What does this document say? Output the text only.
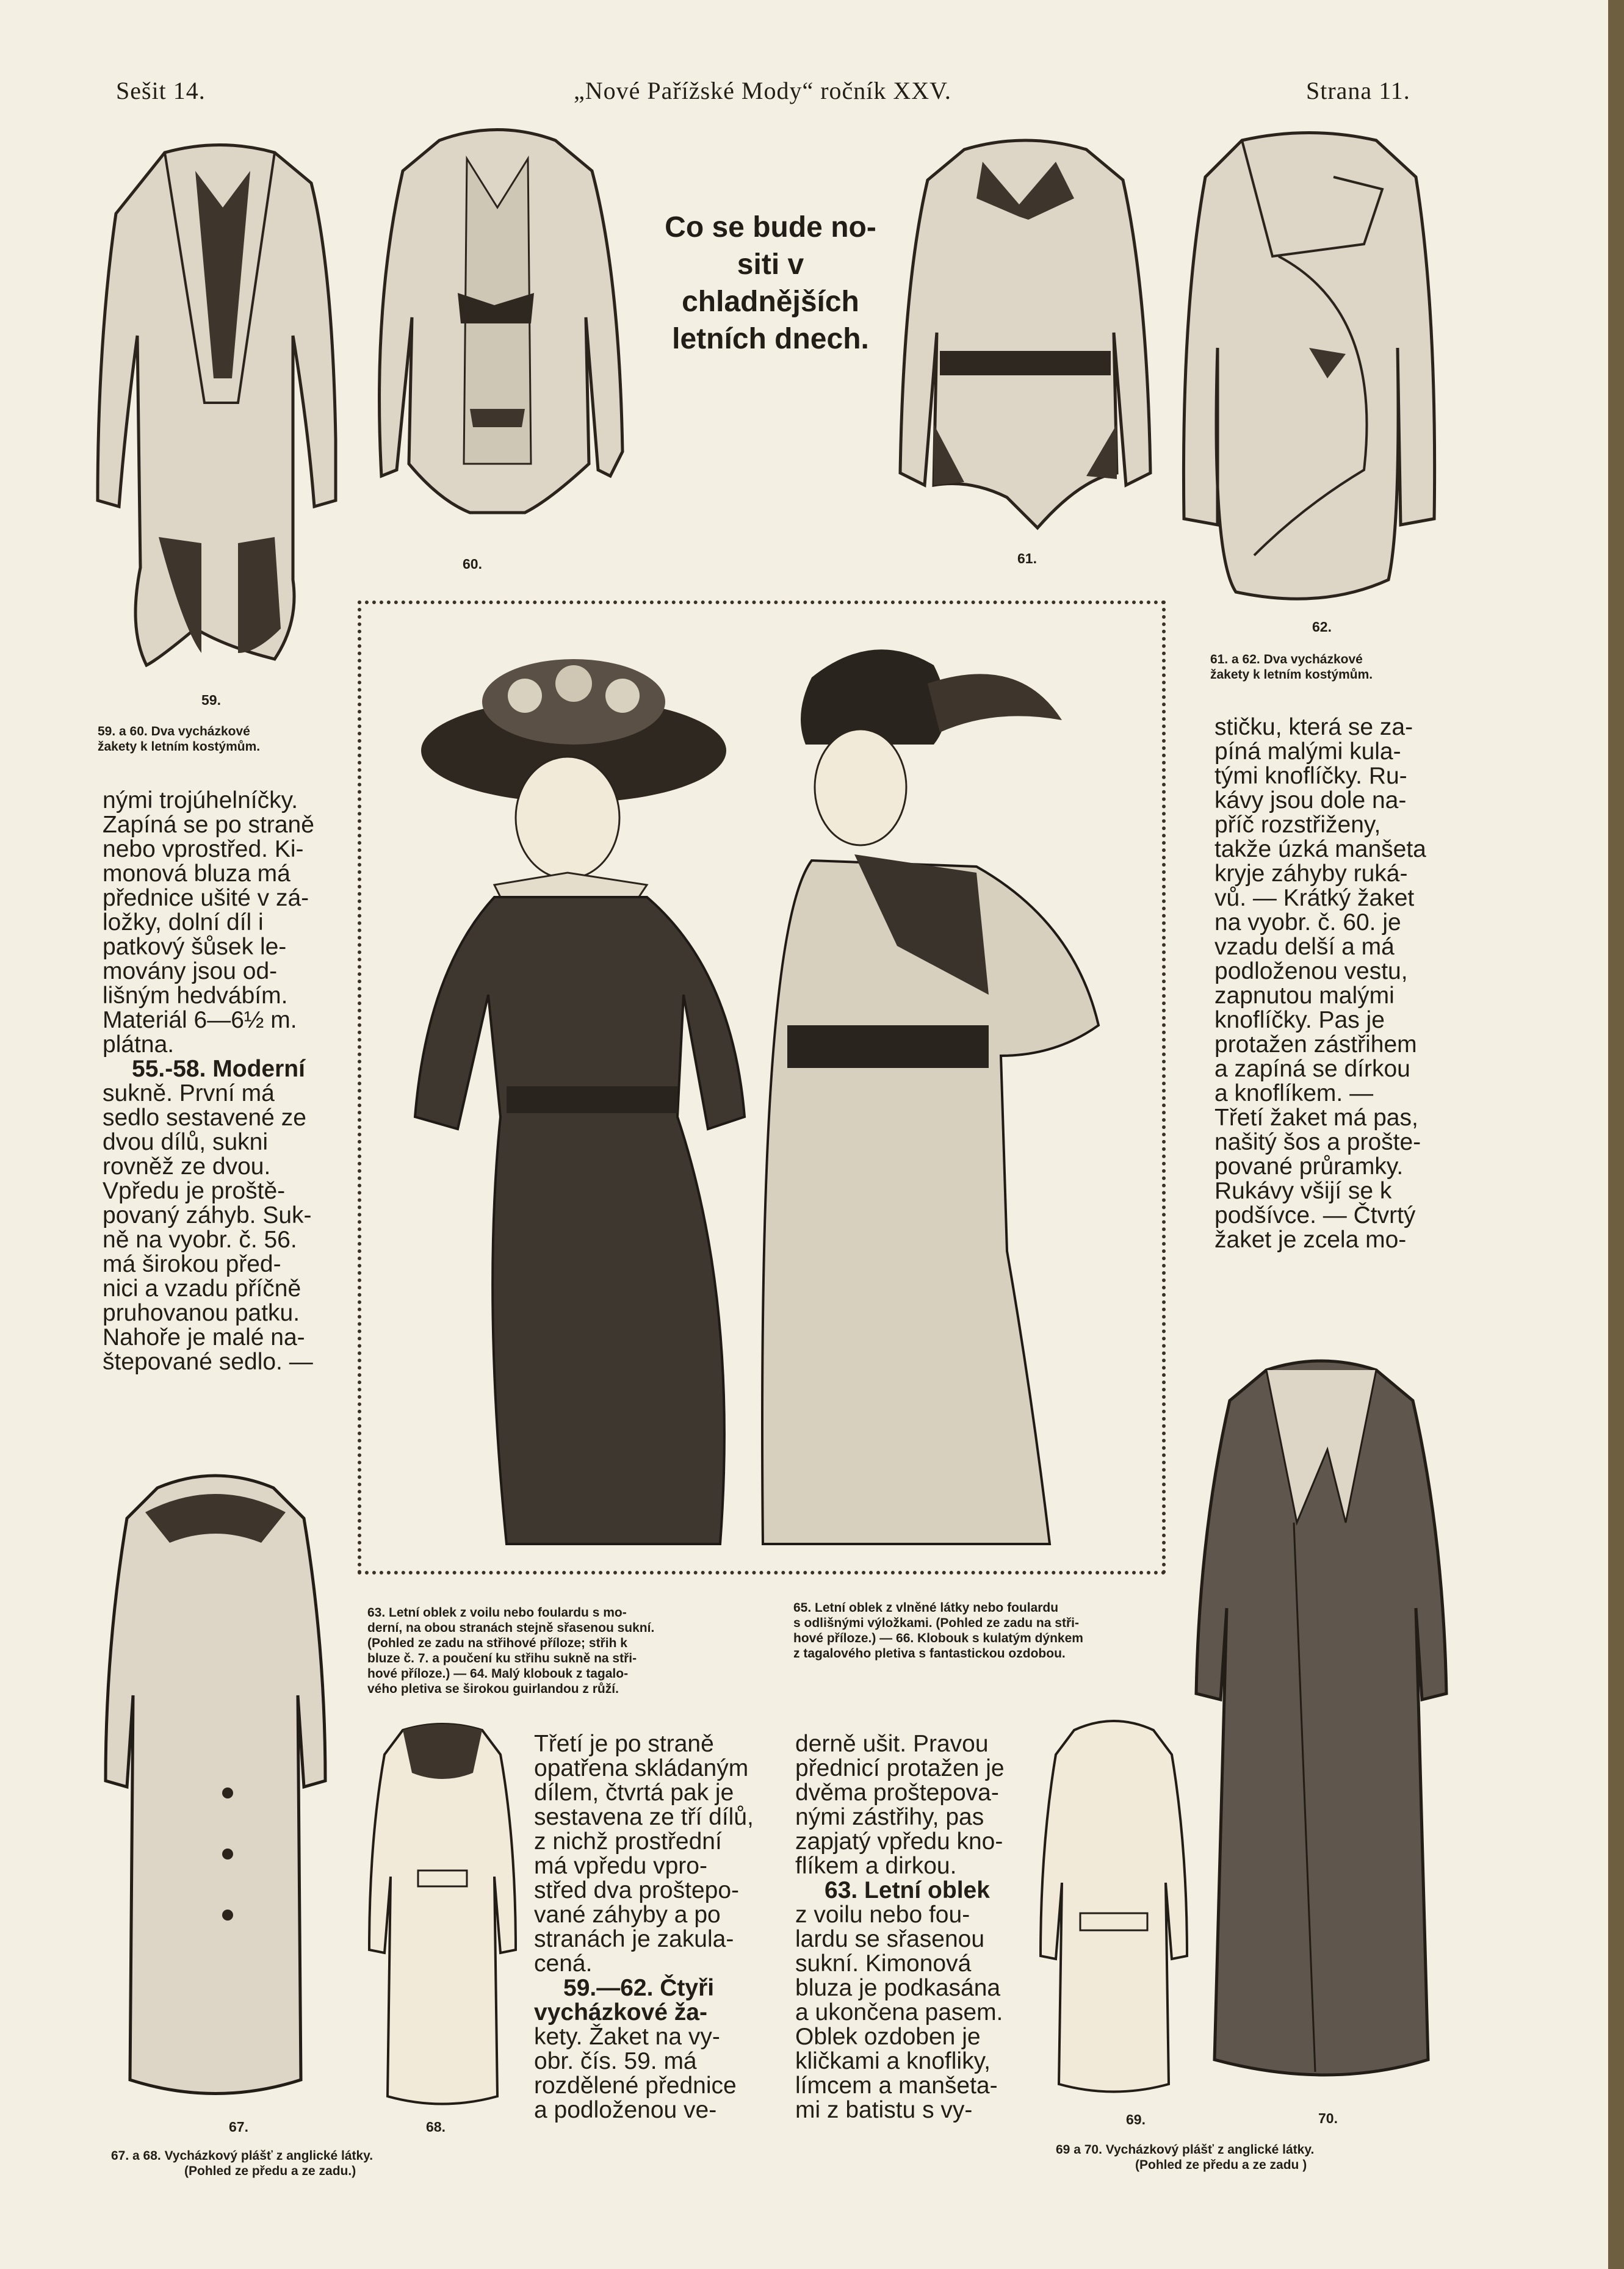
Sešit 14.	„Nové Pařížské Mody“ ročník XXV.	Strana 11.
Co se bude no-
siti v chladnějších
letních dnech.
59.

59. a 60. Dva vycházkové

žakety k letním kostýmům.

60.	61.
62.

61. a 62. Dva vycházkové

žakety k letním kostýmům.

nými trojúhelníčky.

Zapíná se po straně

nebo vprostřed. Ki-

monová bluza má

přednice ušité v zá-

ložky, dolní díl i

patkový šůsek le-

movány jsou od-

lišným hedvábím.

Materiál 6—6½ m.

plátna.

55.-58. Moderní

sukně. První má

sedlo sestavené ze

dvou dílů, sukni

rovněž ze dvou.

Vpředu je proště-

povaný záhyb. Suk-

ně na vyobr. č. 56.

má širokou před-

nici a vzadu příčně

pruhovanou patku.

Nahoře je malé na-

štepované sedlo. —

stičku, která se za-

píná malými kula-

tými knoflíčky. Ru-

kávy jsou dole na-

příč rozstřiženy,

takže úzká manšeta

kryje záhyby ruká-

vů. — Krátký žaket

na vyobr. č. 60. je

vzadu delší a má

podloženou vestu,

zapnutou malými

knoflíčky. Pas je

protažen zástřihem

a zapíná se dírkou

a knoflíkem. —

Třetí žaket má pas,

našitý šos a prošte-

pované průramky.

Rukávy všijí se k

podšívce. — Čtvrtý

žaket je zcela mo-

63. Letní oblek z voilu nebo foulardu s mo-

derní, na obou stranách stejně sřasenou sukní.

(Pohled ze zadu na střihové příloze; střih k

bluze č. 7. a poučení ku střihu sukně na stři-

hové příloze.) — 64. Malý klobouk z tagalo-

vého pletiva se širokou guirlandou z růží.

65. Letní oblek z vlněné látky nebo foulardu

s odlišnými výložkami. (Pohled ze zadu na stři-

hové příloze.) — 66. Klobouk s kulatým dýnkem

z tagalového pletiva s fantastickou ozdobou.

70.
67.	68.

67. a 68. Vycházkový plášť z anglické látky.

(Pohled ze předu a ze zadu.)

Třetí je po straně

opatřena skládaným

dílem, čtvrtá pak je

sestavena ze tří dílů,

z nichž prostřední

má vpředu vpro-

střed dva proštepo-

vané záhyby a po

stranách je zakula-

cená.

59.—62. Čtyři

vycházkové ža-

kety. Žaket na vy-

obr. čís. 59. má

rozdělené přednice

a podloženou ve-

derně ušit. Pravou

přednicí protažen je

dvěma proštepova-

nými zástřihy, pas

zapjatý vpředu kno-

flíkem a dirkou.

63. Letní oblek

z voilu nebo fou-

lardu se sřasenou

sukní. Kimonová

bluza je podkasána

a ukončena pasem.

Oblek ozdoben je

kličkami a knofliky,

límcem a manšeta-

mi z batistu s vy-	69.

69 a 70. Vycházkový plášť z anglické látky.

(Pohled ze předu a ze zadu )
